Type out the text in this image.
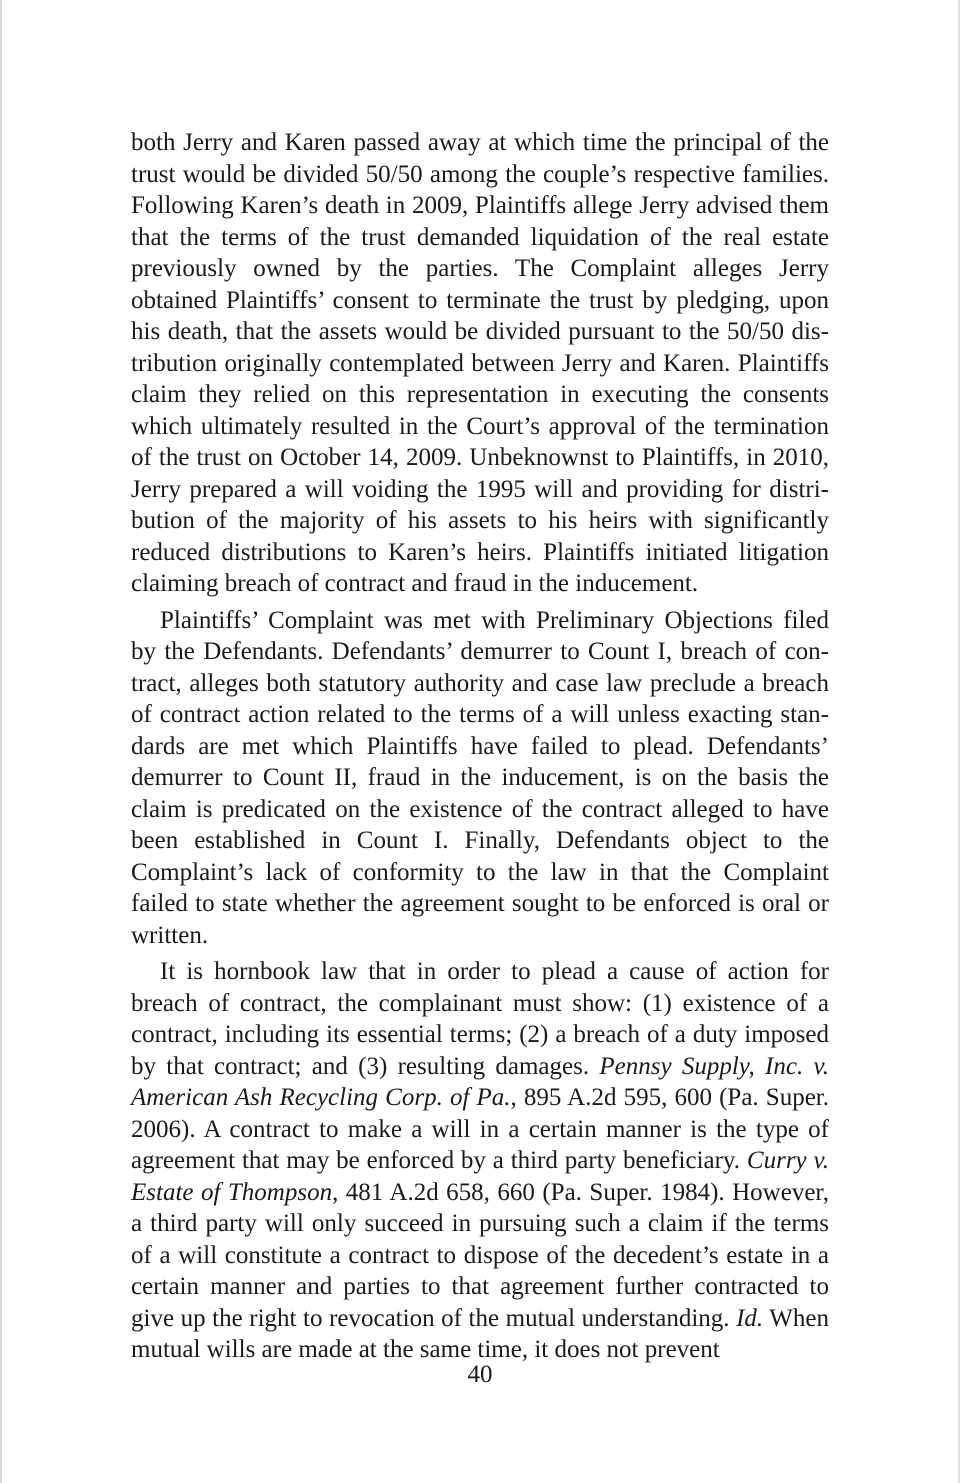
both Jerry and Karen passed away at which time the principal of the trust would be divided 50/50 among the couple’s respective families. Following Karen’s death in 2009, Plaintiffs allege Jerry advised them that the terms of the trust demanded liquidation of the real estate previously owned by the parties. The Complaint alleges Jerry obtained Plaintiffs’ consent to terminate the trust by pledging, upon his death, that the assets would be divided pursuant to the 50/50 distribution originally contemplated between Jerry and Karen. Plaintiffs claim they relied on this representation in executing the consents which ultimately resulted in the Court’s approval of the termination of the trust on October 14, 2009. Unbeknownst to Plaintiffs, in 2010, Jerry prepared a will voiding the 1995 will and providing for distribution of the majority of his assets to his heirs with significantly reduced distributions to Karen’s heirs. Plaintiffs initiated litigation claiming breach of contract and fraud in the inducement.

Plaintiffs’ Complaint was met with Preliminary Objections filed by the Defendants. Defendants’ demurrer to Count I, breach of contract, alleges both statutory authority and case law preclude a breach of contract action related to the terms of a will unless exacting standards are met which Plaintiffs have failed to plead. Defendants’ demurrer to Count II, fraud in the inducement, is on the basis the claim is predicated on the existence of the contract alleged to have been established in Count I. Finally, Defendants object to the Complaint’s lack of conformity to the law in that the Complaint failed to state whether the agreement sought to be enforced is oral or written.

It is hornbook law that in order to plead a cause of action for breach of contract, the complainant must show: (1) existence of a contract, including its essential terms; (2) a breach of a duty imposed by that contract; and (3) resulting damages. Pennsy Supply, Inc. v. American Ash Recycling Corp. of Pa., 895 A.2d 595, 600 (Pa. Super. 2006). A contract to make a will in a certain manner is the type of agreement that may be enforced by a third party beneficiary. Curry v. Estate of Thompson, 481 A.2d 658, 660 (Pa. Super. 1984). However, a third party will only succeed in pursuing such a claim if the terms of a will constitute a contract to dispose of the decedent’s estate in a certain manner and parties to that agreement further contracted to give up the right to revocation of the mutual understanding. Id. When mutual wills are made at the same time, it does not prevent

40
